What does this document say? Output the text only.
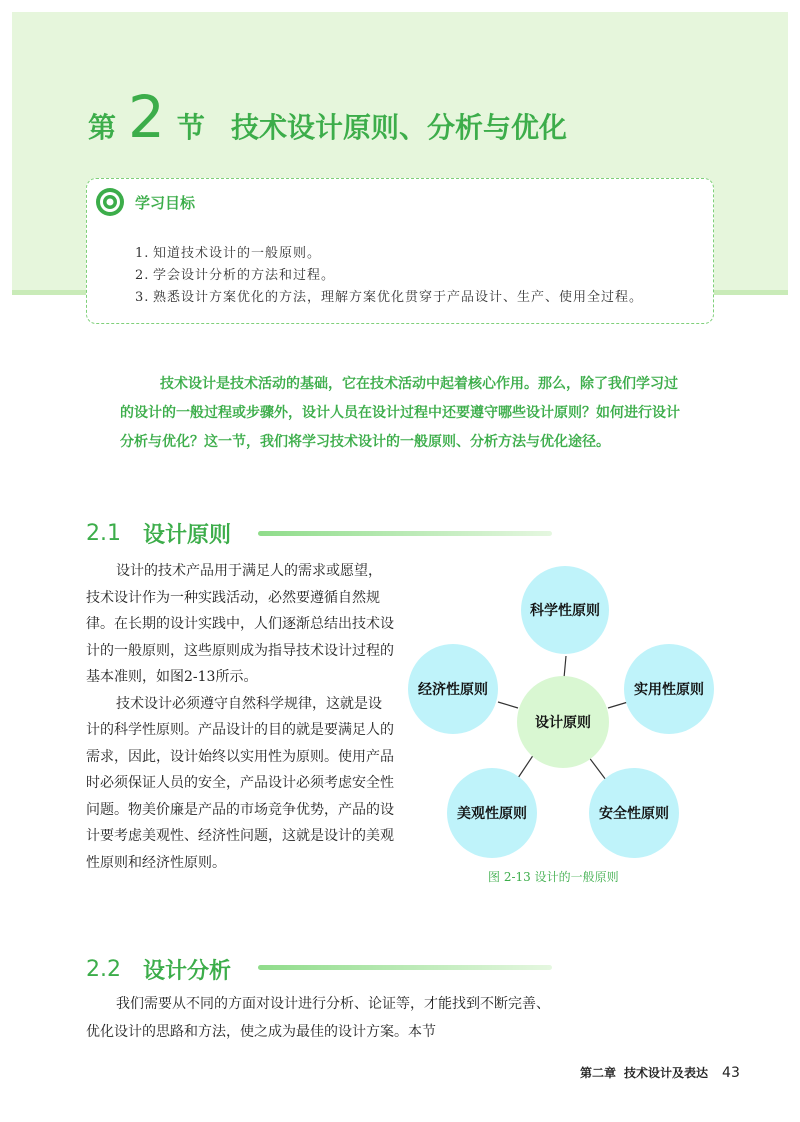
第 2 节 技术设计原则、分析与优化
学习目标
1. 知道技术设计的一般原则。
2. 学会设计分析的方法和过程。
3. 熟悉设计方案优化的方法，理解方案优化贯穿于产品设计、生产、使用全过程。

技术设计是技术活动的基础，它在技术活动中起着核心作用。那么，除了我们学习过的设计的一般过程或步骤外，设计人员在设计过程中还要遵守哪些设计原则？如何进行设计分析与优化？这一节，我们将学习技术设计的一般原则、分析方法与优化途径。

2.1 设计原则

设计的技术产品用于满足人的需求或愿望，技术设计作为一种实践活动，必然要遵循自然规律。在长期的设计实践中，人们逐渐总结出技术设计的一般原则，这些原则成为指导技术设计过程的基本准则，如图2-13所示。

技术设计必须遵守自然科学规律，这就是设计的科学性原则。产品设计的目的就是要满足人的需求，因此，设计始终以实用性为原则。使用产品时必须保证人员的安全，产品设计必须考虑安全性问题。物美价廉是产品的市场竞争优势，产品的设计要考虑美观性、经济性问题，这就是设计的美观性原则和经济性原则。

科学性原则
实用性原则
安全性原则
美观性原则
经济性原则
设计原则
图 2-13 设计的一般原则
2.2 设计分析

我们需要从不同的方面对设计进行分析、论证等，才能找到不断完善、优化设计的思路和方法，使之成为最佳的设计方案。本节

第二章 技术设计及表达 43
